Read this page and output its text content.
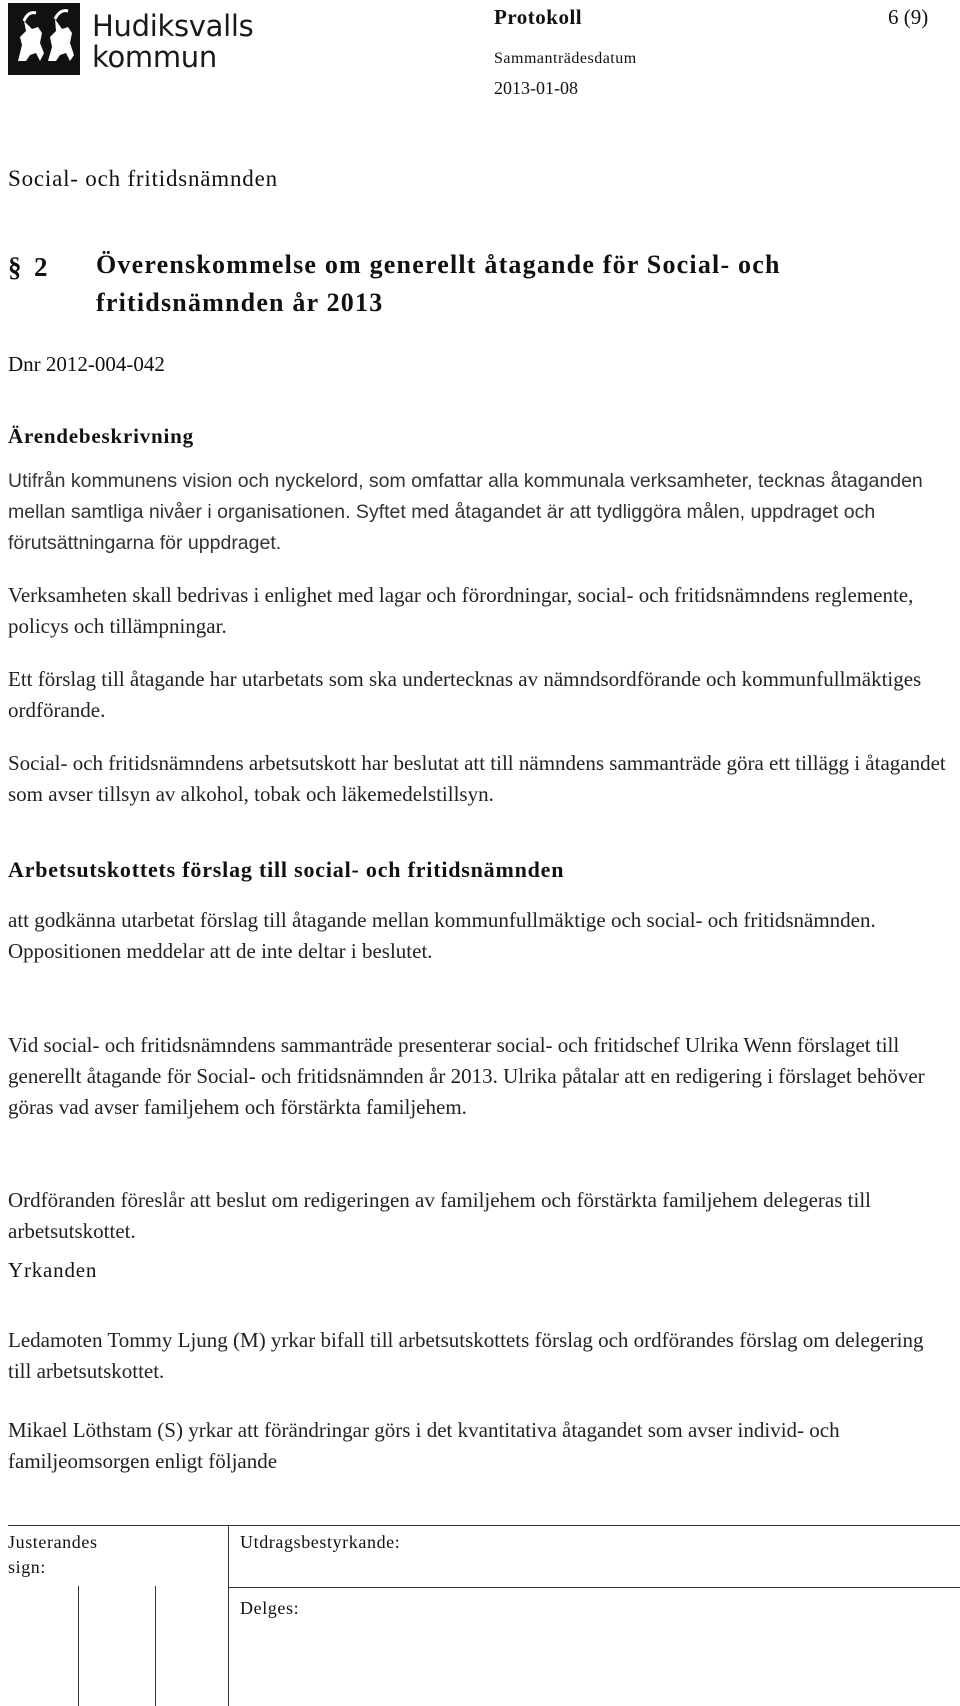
Hudiksvalls
kommun
Protokoll	6 (9)
Sammanträdesdatum
2013-01-08
Social- och fritidsnämnden
§ 2 Överenskommelse om generellt åtagande för Social- och fritidsnämnden år 2013
Dnr 2012-004-042
Ärendebeskrivning

Utifrån kommunens vision och nyckelord, som omfattar alla kommunala verksamheter, tecknas åtaganden mellan samtliga nivåer i organisationen. Syftet med åtagandet är att tydliggöra målen, uppdraget och förutsättningarna för uppdraget.

Verksamheten skall bedrivas i enlighet med lagar och förordningar, social- och fritidsnämndens reglemente, policys och tillämpningar.

Ett förslag till åtagande har utarbetats som ska undertecknas av nämndsordförande och kommunfullmäktiges ordförande.

Social- och fritidsnämndens arbetsutskott har beslutat att till nämndens sammanträde göra ett tillägg i åtagandet som avser tillsyn av alkohol, tobak och läkemedelstillsyn.

Arbetsutskottets förslag till social- och fritidsnämnden

att godkänna utarbetat förslag till åtagande mellan kommunfullmäktige och social- och fritidsnämnden. Oppositionen meddelar att de inte deltar i beslutet.

Vid social- och fritidsnämndens sammanträde presenterar social- och fritidschef Ulrika Wenn förslaget till generellt åtagande för Social- och fritidsnämnden år 2013. Ulrika påtalar att en redigering i förslaget behöver göras vad avser familjehem och förstärkta familjehem.

Ordföranden föreslår att beslut om redigeringen av familjehem och förstärkta familjehem delegeras till arbetsutskottet.

Yrkanden

Ledamoten Tommy Ljung (M) yrkar bifall till arbetsutskottets förslag och ordförandes förslag om delegering till arbetsutskottet.

Mikael Löthstam (S) yrkar att förändringar görs i det kvantitativa åtagandet som avser individ- och familjeomsorgen enligt följande

Justerandes
sign:
Utdragsbestyrkande:
Delges:
